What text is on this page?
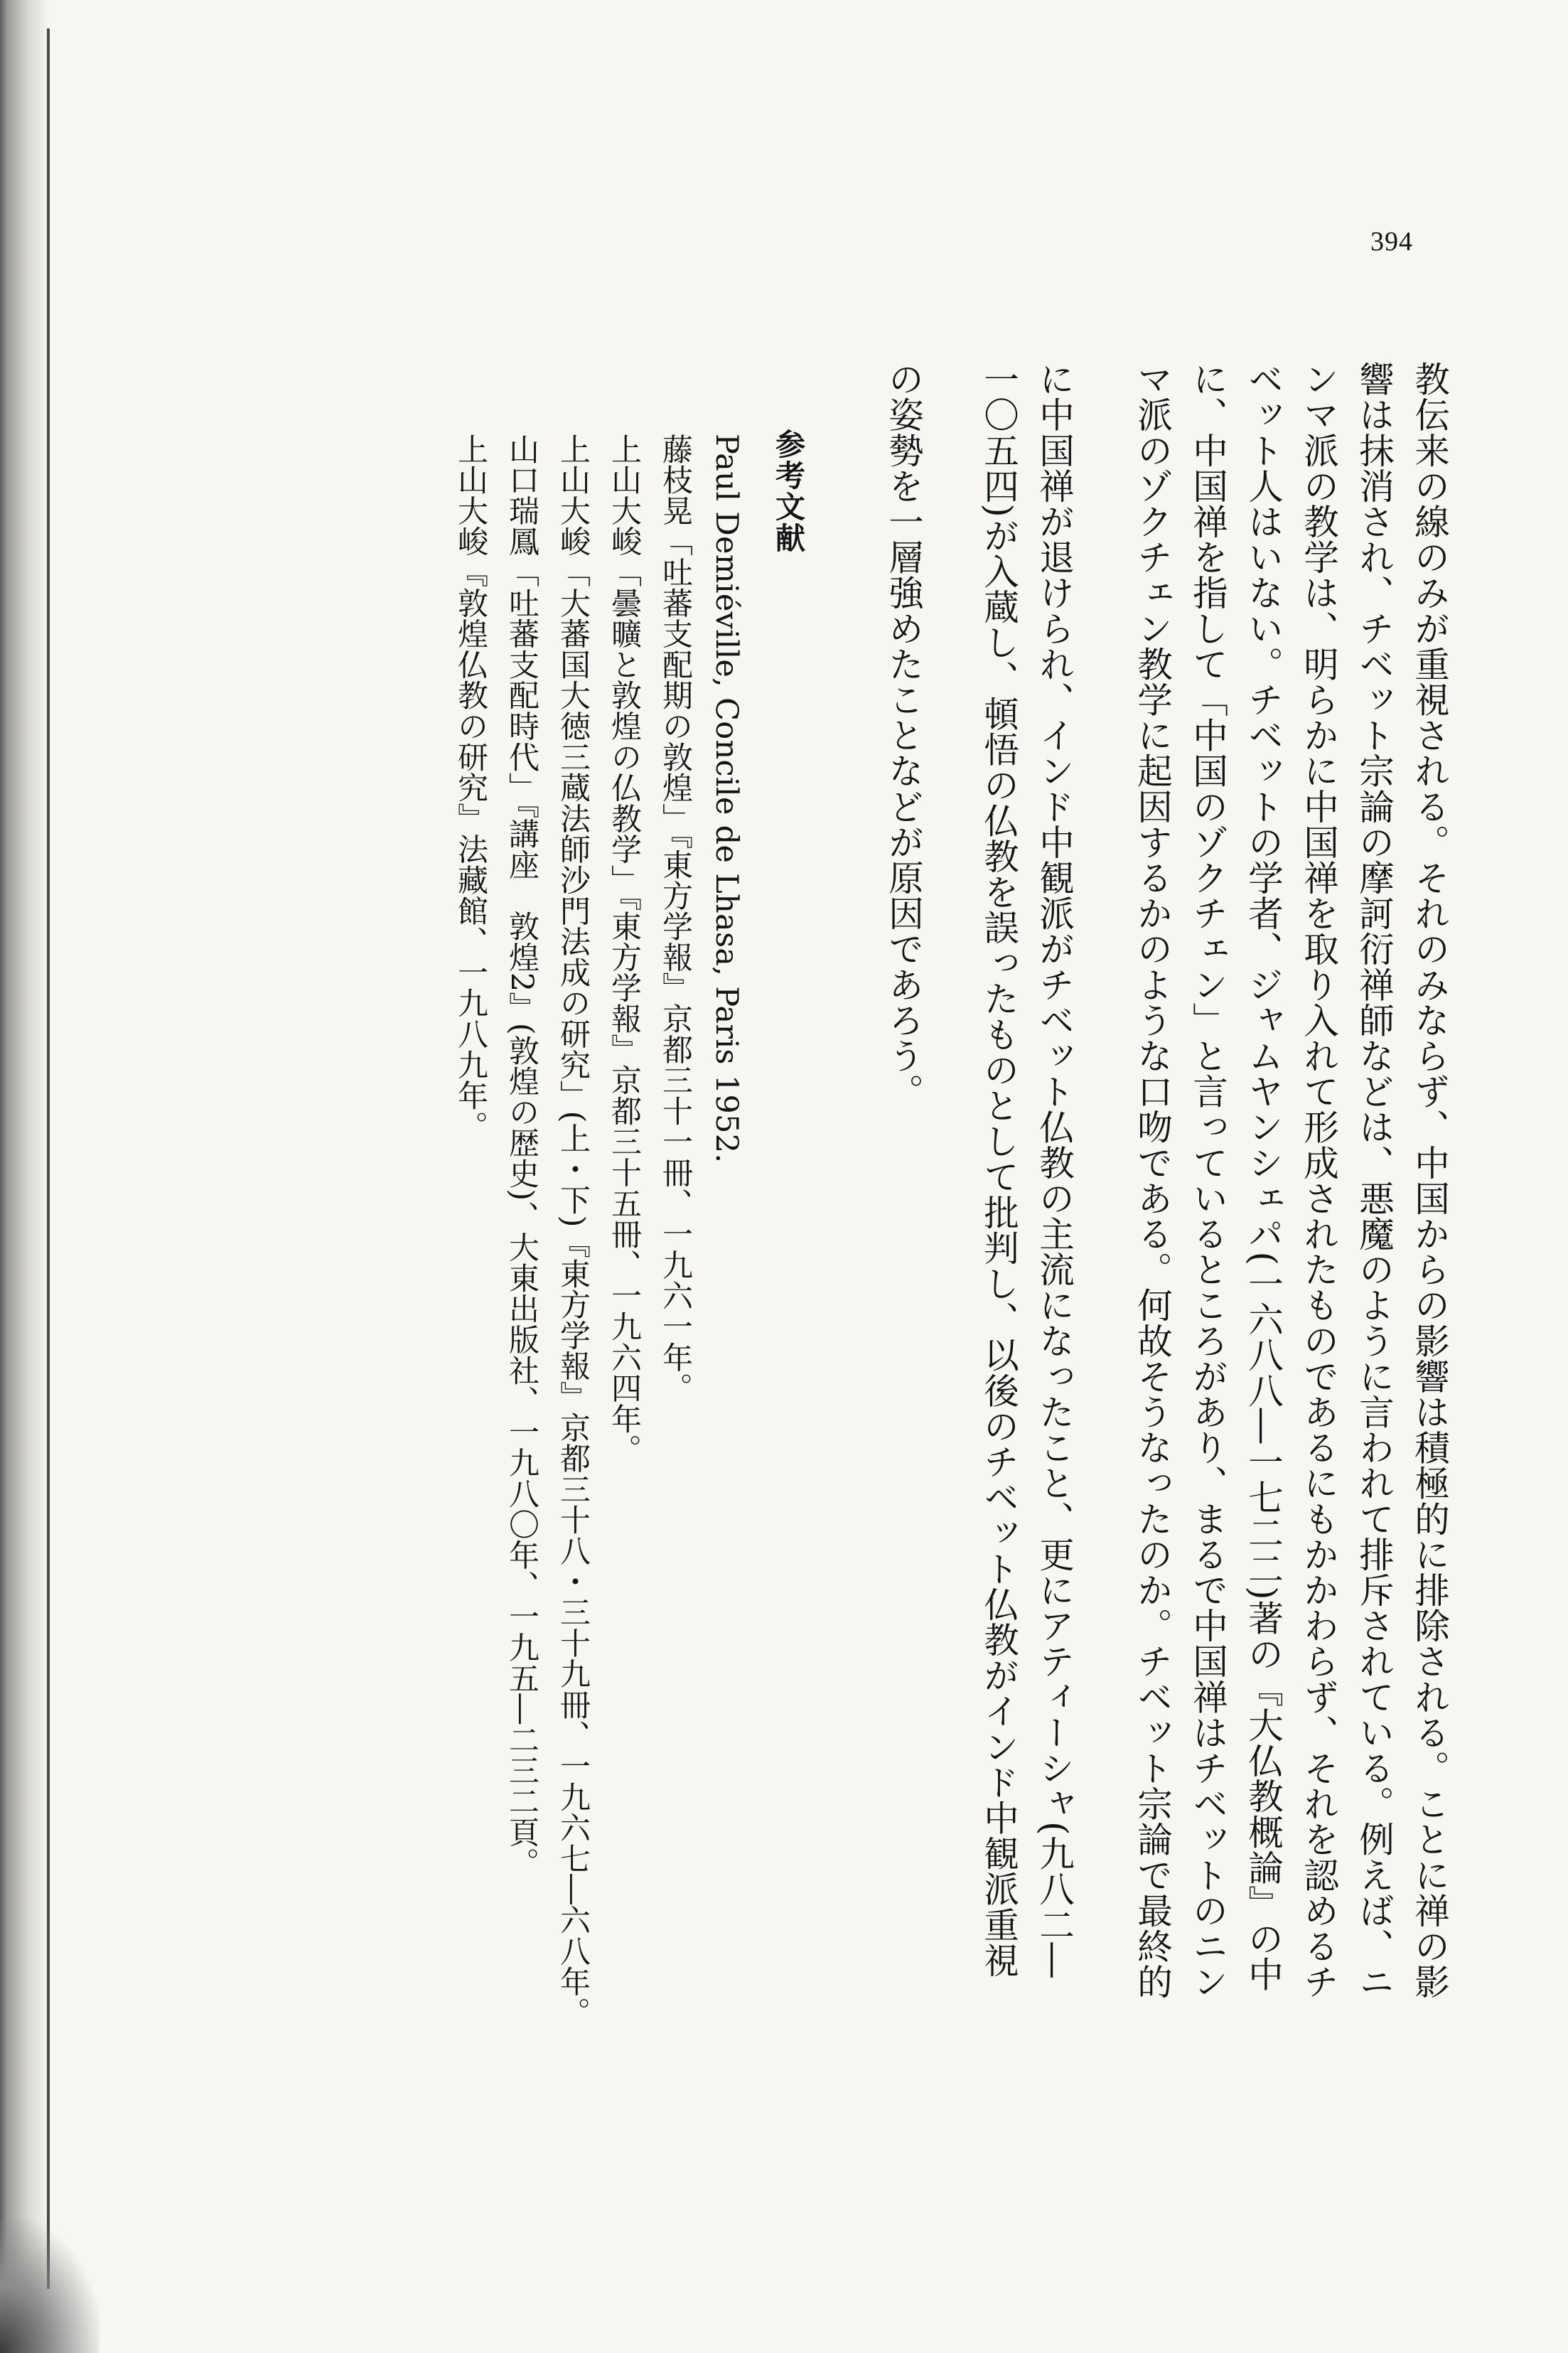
394
教伝来の線のみが重視される。それのみならず、中国からの影響は積極的に排除される。ことに禅の影
響は抹消され、チベット宗論の摩訶衍禅師などは、悪魔のように言われて排斥されている。例えば、ニ
ンマ派の教学は、明らかに中国禅を取り入れて形成されたものであるにもかかわらず、それを認めるチ
ベット人はいない。チベットの学者、ジャムヤンシェパ(一六八八―一七二二)著の『大仏教概論』の中
に、中国禅を指して「中国のゾクチェン」と言っているところがあり、まるで中国禅はチベットのニン
マ派のゾクチェン教学に起因するかのような口吻である。何故そうなったのか。チベット宗論で最終的
に中国禅が退けられ、インド中観派がチベット仏教の主流になったこと、更にアティーシャ(九八二―
一〇五四)が入蔵し、頓悟の仏教を誤ったものとして批判し、以後のチベット仏教がインド中観派重視
の姿勢を一層強めたことなどが原因であろう。
参考文献
Paul Demiéville, Concile de Lhasa, Paris 1952.
藤枝晃「吐蕃支配期の敦煌」『東方学報』京都三十一冊、一九六一年。
上山大峻「曇曠と敦煌の仏教学」『東方学報』京都三十五冊、一九六四年。
上山大峻「大蕃国大徳三蔵法師沙門法成の研究」(上・下)『東方学報』京都三十八・三十九冊、一九六七―六八年。
山口瑞鳳「吐蕃支配時代」『講座　敦煌2』(敦煌の歴史)、大東出版社、一九八〇年、一九五―二三二頁。
上山大峻『敦煌仏教の研究』法藏館、一九八九年。
